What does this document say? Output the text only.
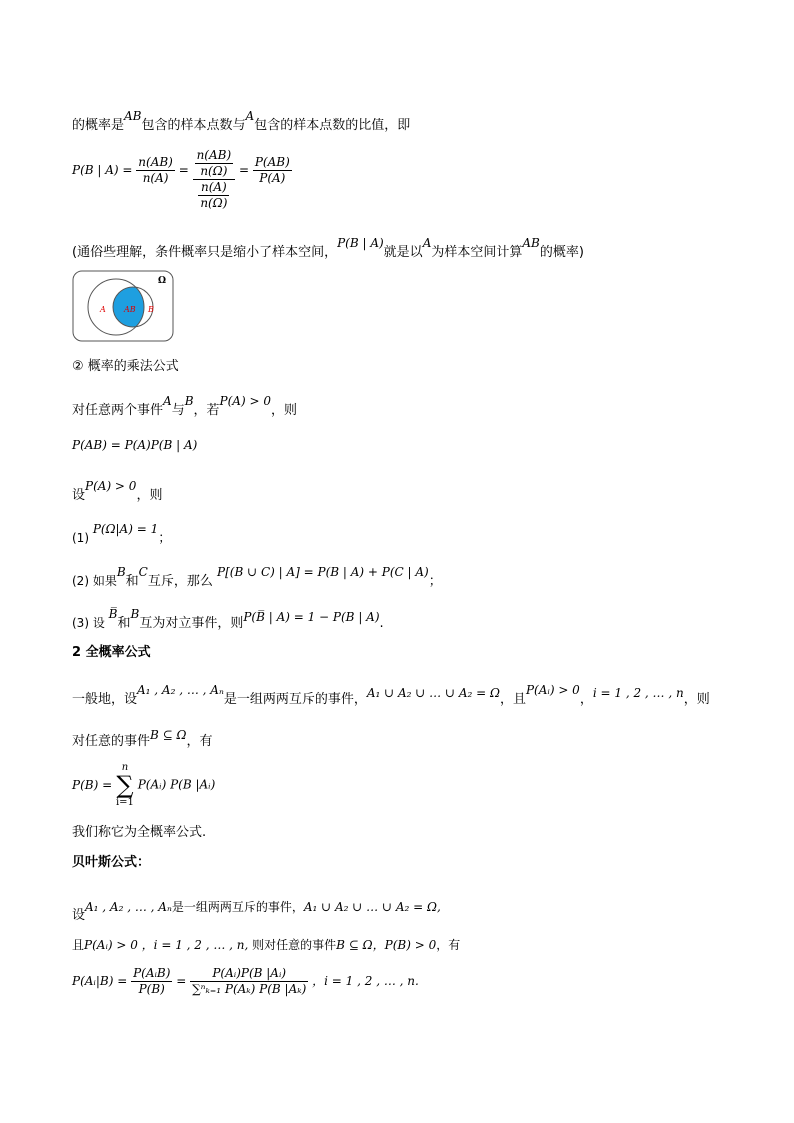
的概率是AB包含的样本点数与A包含的样本点数的比值，即
P(B | $A) = \frac{n(AB)}{n(A)} = \frac{\frac{n(AB)}{n(\Omega)}}{\frac{n(A)}{n(\Omega)}} = \frac{P(AB)}{P(A)}$
(通俗些理解，条件概率只是缩小了样本空间，P(B | A)就是以A为样本空间计算AB的概率)
Ω
A AB B
② 概率的乘法公式
对任意两个事件A与B，若P(A) > 0，则
P(AB) = P(A)P(B | A)
设P(A) > 0，则
(1) P(Ω|A) = 1；
(2) 如果B和C互斥，那么 P[(B ∪ C) | A] = P(B | A) + P(C | A)；
(3) 设 B̅和B互为对立事件，则P(B̅ | A) = 1 − P(B | A).
2 全概率公式
一般地，设A₁ , A₂ , … , Aₙ是一组两两互斥的事件，A₁ ∪ A₂ ∪ … ∪ A₂ = Ω，且P(Aᵢ) > 0，i = 1 , 2 , … , n，则
对任意的事件B ⊆ Ω，有
P(B) =
n
∑
i=1
P(Aᵢ) P(B |Aᵢ)
我们称它为全概率公式.
贝叶斯公式：
设A₁ , A₂ , … , Aₙ是一组两两互斥的事件，A₁ ∪ A₂ ∪ … ∪ A₂ = Ω,
且P(Aᵢ) > 0 ，i = 1 , 2 , … , n, 则对任意的事件B ⊆ Ω，P(B) > 0，有
P(Aᵢ|B) = $\frac{\text{P(AᵢB)}}{P(B)} = \frac{\text{P(Aᵢ)P(B |Aᵢ)}}{\text{∑ⁿₖ₌₁ P(Aₖ) P(B |Aₖ)}}$ ，i = 1 , 2 , … , n.
